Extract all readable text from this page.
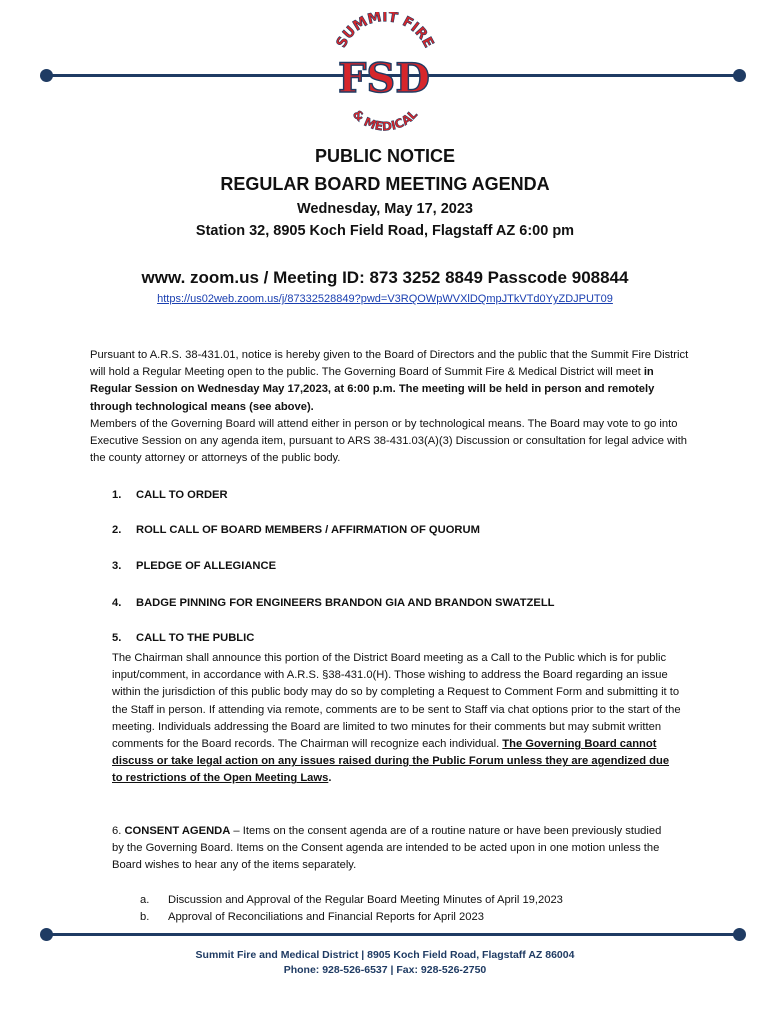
SUMMIT FIRE
& MEDICAL
FSD
PUBLIC NOTICE
REGULAR BOARD MEETING AGENDA
Wednesday, May 17, 2023
Station 32, 8905 Koch Field Road, Flagstaff AZ 6:00 pm
www. zoom.us / Meeting ID: 873 3252 8849 Passcode 908844
https://us02web.zoom.us/j/87332528849?pwd=V3RQOWpWVXlDQmpJTkVTd0YyZDJPUT09
Pursuant to A.R.S. 38-431.01, notice is hereby given to the Board of Directors and the public that the Summit Fire District will hold a Regular Meeting open to the public. The Governing Board of Summit Fire & Medical District will meet in Regular Session on Wednesday May 17,2023, at 6:00 p.m. The meeting will be held in person and remotely through technological means (see above).
Members of the Governing Board will attend either in person or by technological means. The Board may vote to go into Executive Session on any agenda item, pursuant to ARS 38-431.03(A)(3) Discussion or consultation for legal advice with the county attorney or attorneys of the public body.
1. CALL TO ORDER
2. ROLL CALL OF BOARD MEMBERS / AFFIRMATION OF QUORUM
3. PLEDGE OF ALLEGIANCE
4. BADGE PINNING FOR ENGINEERS BRANDON GIA AND BRANDON SWATZELL
5. CALL TO THE PUBLIC
The Chairman shall announce this portion of the District Board meeting as a Call to the Public which is for public input/comment, in accordance with A.R.S. §38-431.0(H). Those wishing to address the Board regarding an issue within the jurisdiction of this public body may do so by completing a Request to Comment Form and submitting it to the Staff in person. If attending via remote, comments are to be sent to Staff via chat options prior to the start of the meeting. Individuals addressing the Board are limited to two minutes for their comments but may submit written comments for the Board records. The Chairman will recognize each individual. The Governing Board cannot discuss or take legal action on any issues raised during the Public Forum unless they are agendized due to restrictions of the Open Meeting Laws.
6. CONSENT AGENDA – Items on the consent agenda are of a routine nature or have been previously studied by the Governing Board. Items on the Consent agenda are intended to be acted upon in one motion unless the Board wishes to hear any of the items separately.
a. Discussion and Approval of the Regular Board Meeting Minutes of April 19,2023
b. Approval of Reconciliations and Financial Reports for April 2023
Summit Fire and Medical District | 8905 Koch Field Road, Flagstaff AZ 86004
Phone: 928-526-6537 | Fax: 928-526-2750
